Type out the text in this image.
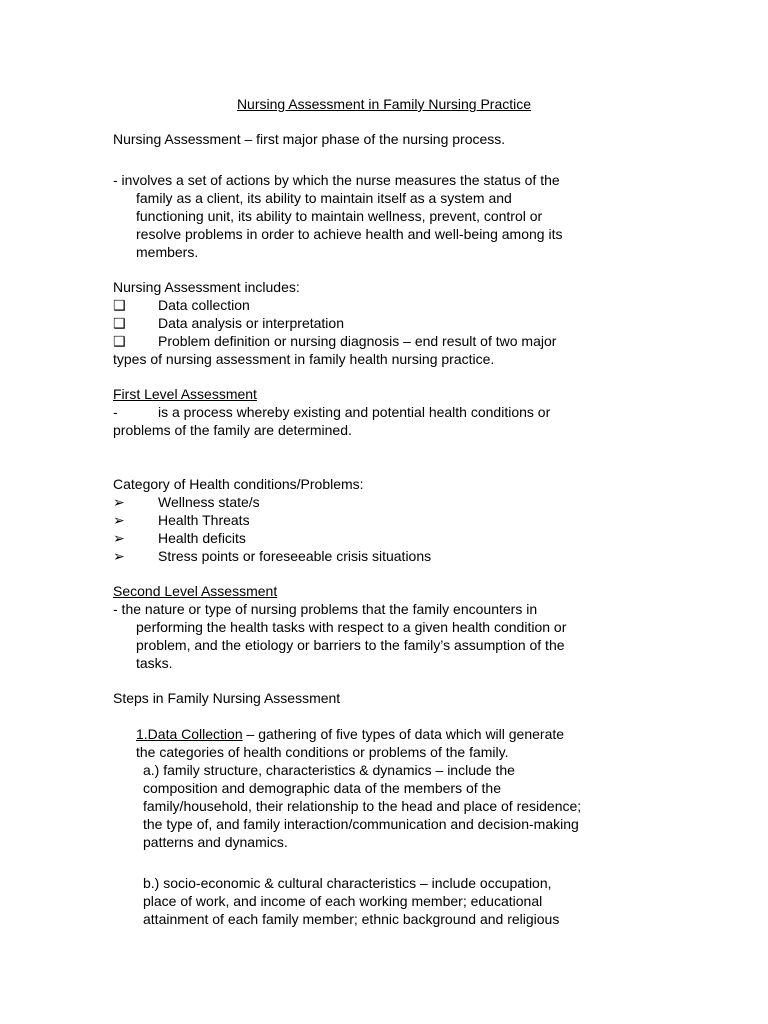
Nursing Assessment in Family Nursing Practice
Nursing Assessment – first major phase of the nursing process.
- involves a set of actions by which the nurse measures the status of the
family as a client, its ability to maintain itself as a system and
functioning unit, its ability to maintain wellness, prevent, control or
resolve problems in order to achieve health and well-being among its
members.
Nursing Assessment includes:
❑	Data collection
❑	Data analysis or interpretation
❑	Problem definition or nursing diagnosis – end result of two major
types of nursing assessment in family health nursing practice.
First Level Assessment
-	is a process whereby existing and potential health conditions or
problems of the family are determined.
Category of Health conditions/Problems:
➢	Wellness state/s
➢	Health Threats
➢	Health deficits
➢	Stress points or foreseeable crisis situations
Second Level Assessment
- the nature or type of nursing problems that the family encounters in
performing the health tasks with respect to a given health condition or
problem, and the etiology or barriers to the family’s assumption of the
tasks.
Steps in Family Nursing Assessment
1.Data Collection – gathering of five types of data which will generate
the categories of health conditions or problems of the family.
a.) family structure, characteristics & dynamics – include the
composition and demographic data of the members of the
family/household, their relationship to the head and place of residence;
the type of, and family interaction/communication and decision-making
patterns and dynamics.
b.) socio-economic & cultural characteristics – include occupation,
place of work, and income of each working member; educational
attainment of each family member; ethnic background and religious
